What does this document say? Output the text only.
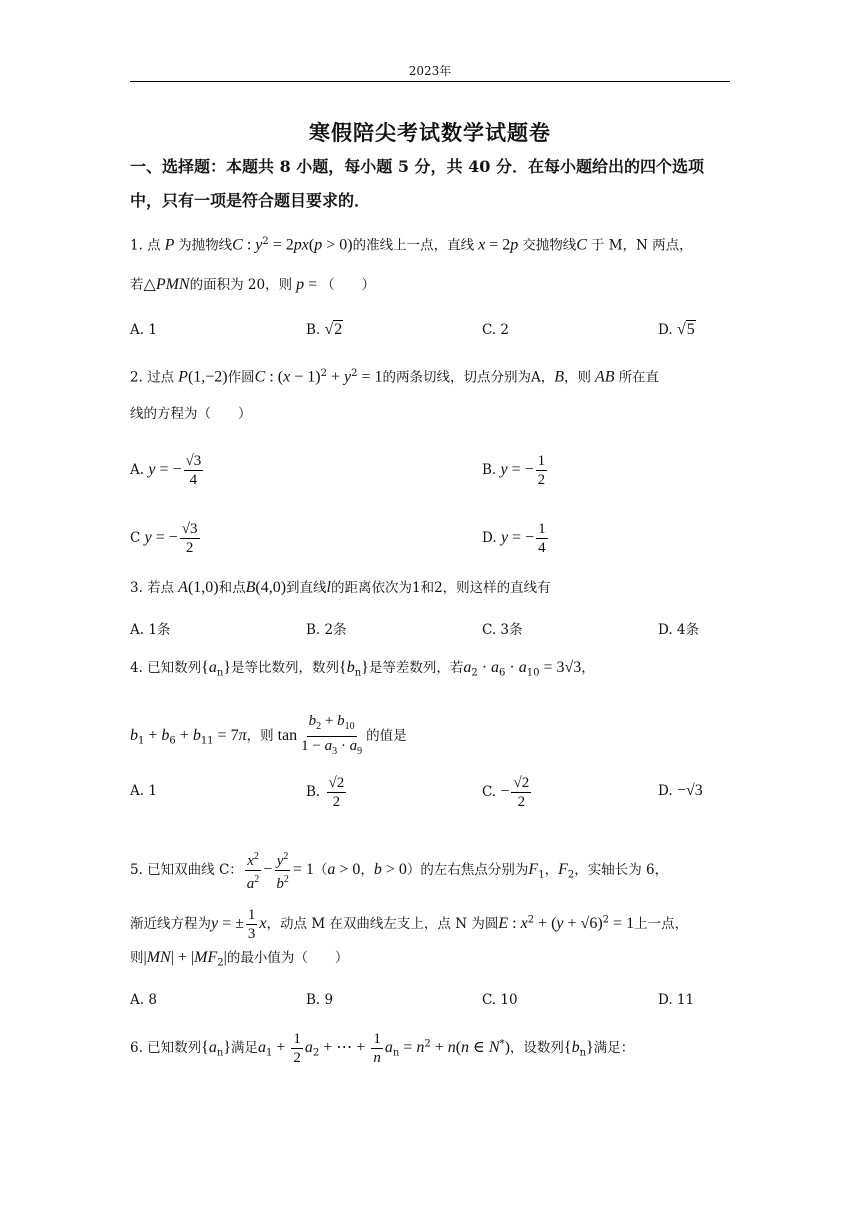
2023年
寒假陪尖考试数学试题卷
一、选择题：本题共 8 小题，每小题 5 分，共 40 分．在每小题给出的四个选项
中，只有一项是符合题目要求的．
1. 点 P 为抛物线C : $y^2 = 2px(p > 0)$的准线上一点，直线 x = 2p 交抛物线C 于 M，N 两点，
若△PMN的面积为 20，则 p = （　　）
A. 1	B. √2	C. 2	D. √5
2. 过点 P(1,−2)作圆C : $(x - 1)^2 + y^2 = 1$的两条切线，切点分别为A，B，则 AB 所在直
线的方程为（　　）
A. y = − $\frac{√3}{4}$	B. y = − $\frac{1}{2}$
C y = − $\frac{√3}{2}$	D. y = − $\frac{1}{4}$
3. 若点 A(1,0)和点B(4,0)到直线l的距离依次为1和2，则这样的直线有
A. 1条	B. 2条	C. 3条	D. 4条
4. 已知数列$\{a_n\}$是等比数列，数列$\{b_n\}$是等差数列，若$a_2 \cdot a_6 \cdot a_{10} = 3√3$，
$b_1 + b_6 + b_{11} = 7\pi$，则 $\tan \frac{b_2 + b_{10}}{1 - a_3 \cdot a_9}$ 的值是
A. 1	B. $\frac{√2}{2}$	C. − $\frac{√2}{2}$	D. −√3
5. 已知双曲线 C： $\frac{x^2}{a^2} - \frac{y^2}{b^2} = 1(a > 0$，b > 0）的左右焦点分别为$F_1$，$F_2$，实轴长为 6，
渐近线方程为y = ± $\frac{1}{3}$ x，动点 M 在双曲线左支上，点 N 为圆E : $x^2 + (y + √6)^2 = 1$上一点，
则$|MN| + |MF_2|$的最小值为（　　）
A. 8	B. 9	C. 10	D. 11
6. 已知数列$\{a_n\}$满足$a_1 + \frac{1}{2} a_2$ + ⋯ + $\frac{1}{n} a_n = n^2 + n(n$ ∈ N*)，设数列$\{b_n\}$满足：
